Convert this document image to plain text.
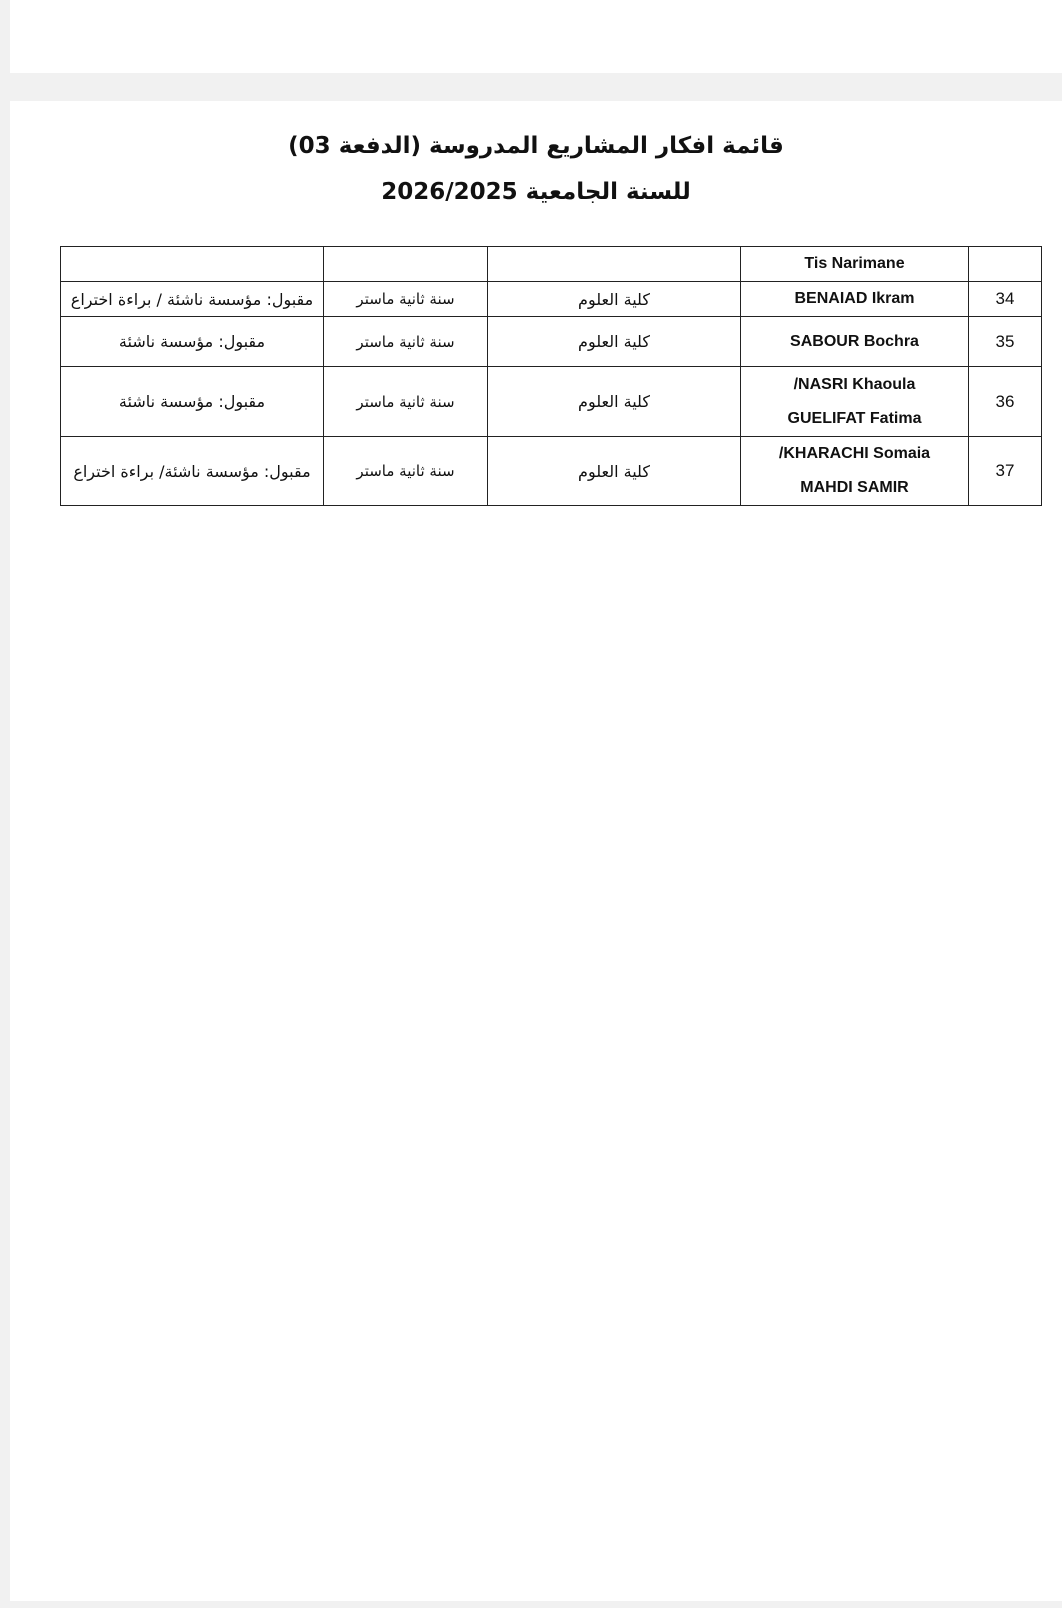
قائمة افكار المشاريع المدروسة (الدفعة 03)
للسنة الجامعية 2026/2025

	Tis Narimane			

34	BENAIAD Ikram	كلية العلوم	سنة ثانية ماستر	مقبول: مؤسسة ناشئة / براءة اختراع
35	SABOUR Bochra	كلية العلوم	سنة ثانية ماستر	مقبول: مؤسسة ناشئة
36	NASRI Khaoula/
GUELIFAT Fatima	كلية العلوم	سنة ثانية ماستر	مقبول: مؤسسة ناشئة
37	KHARACHI Somaia/
MAHDI SAMIR	كلية العلوم	سنة ثانية ماستر	مقبول: مؤسسة ناشئة/ براءة اختراع
